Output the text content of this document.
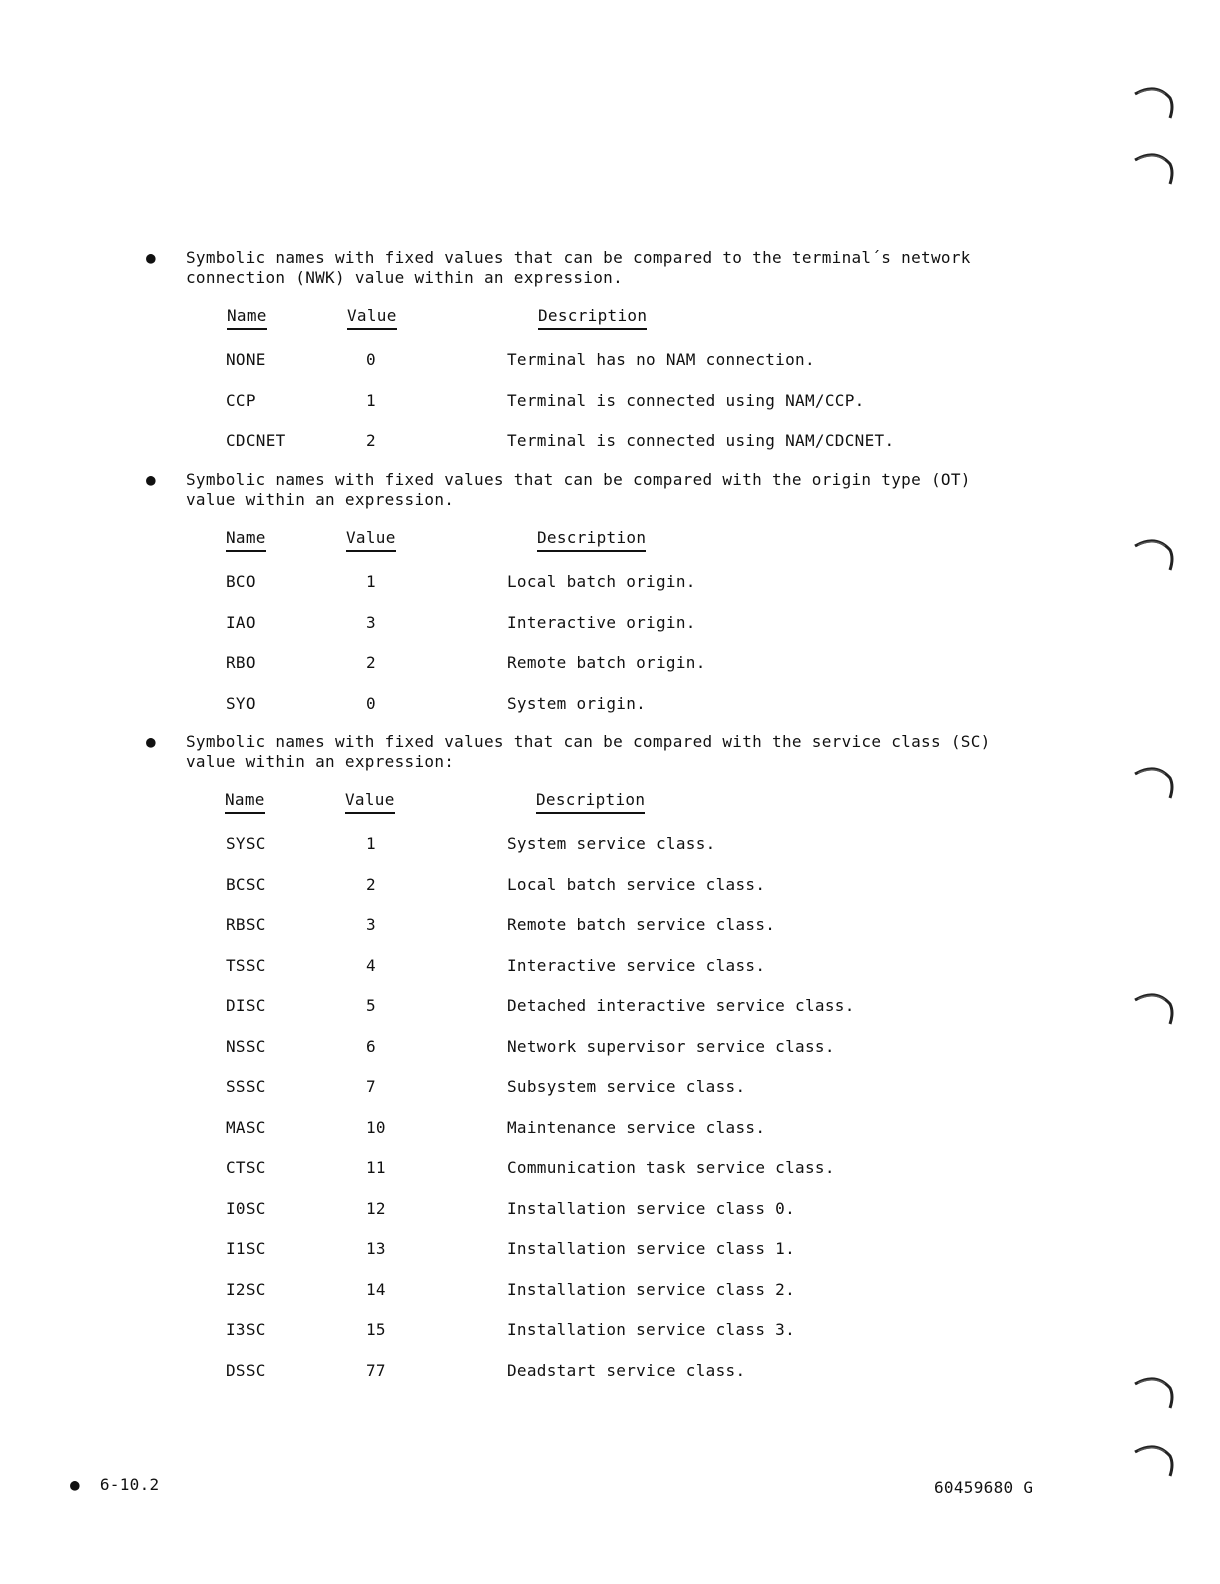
● Symbolic names with fixed values that can be compared to the terminal´s network
connection (NWK) value within an expression.
Name	Value	Description
NONE	0	Terminal has no NAM connection.
CCP	1	Terminal is connected using NAM/CCP.
CDCNET	2	Terminal is connected using NAM/CDCNET.
● Symbolic names with fixed values that can be compared with the origin type (OT)
value within an expression.
Name	Value	Description
BCO	1	Local batch origin.
IAO	3	Interactive origin.
RBO	2	Remote batch origin.
SYO	0	System origin.
● Symbolic names with fixed values that can be compared with the service class (SC)
value within an expression:
Name	Value	Description
SYSC	1	System service class.
BCSC	2	Local batch service class.
RBSC	3	Remote batch service class.
TSSC	4	Interactive service class.
DISC	5	Detached interactive service class.
NSSC	6	Network supervisor service class.
SSSC	7	Subsystem service class.
MASC	10	Maintenance service class.
CTSC	11	Communication task service class.
I0SC	12	Installation service class 0.
I1SC	13	Installation service class 1.
I2SC	14	Installation service class 2.
I3SC	15	Installation service class 3.
DSSC	77	Deadstart service class.
● 6-10.2	60459680 G
